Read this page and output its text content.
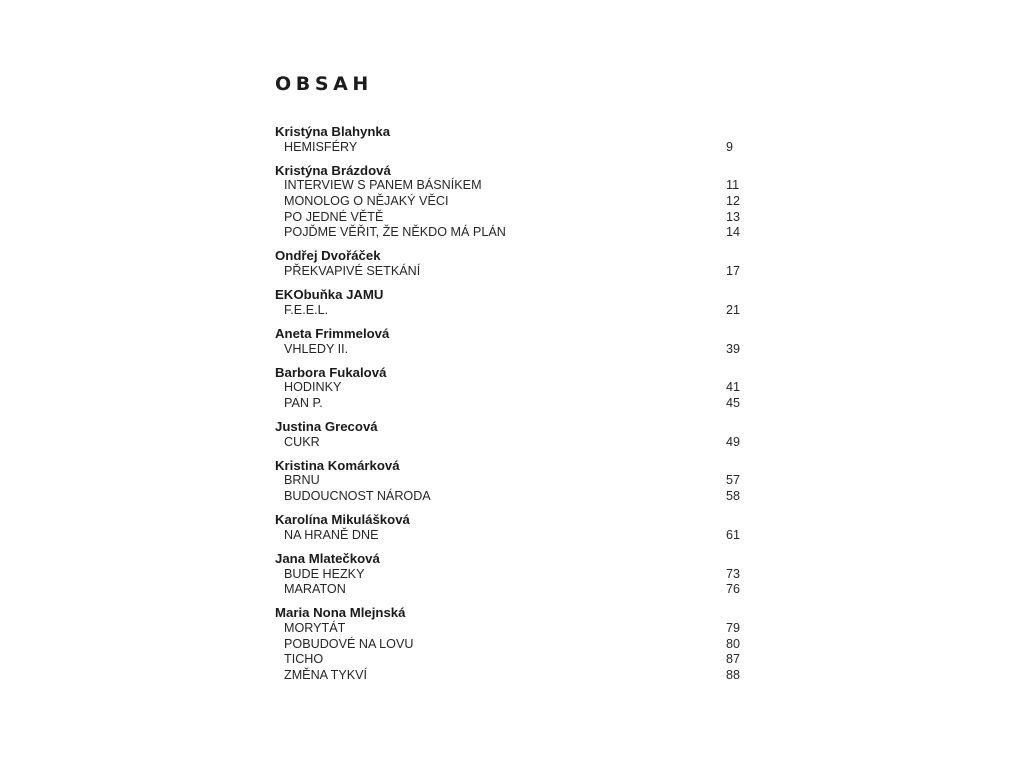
OBSAH
Kristýna Blahynka
HEMISFÉRY	9
Kristýna Brázdová
INTERVIEW S PANEM BÁSNÍKEM	11
MONOLOG O NĚJAKÝ VĚCI	12
PO JEDNÉ VĚTĚ	13
POJĎME VĚŘIT, ŽE NĚKDO MÁ PLÁN	14
Ondřej Dvořáček
PŘEKVAPIVÉ SETKÁNÍ	17
EKObuňka JAMU
F.E.E.L.	21
Aneta Frimmelová
VHLEDY II.	39
Barbora Fukalová
HODINKY	41
PAN P.	45
Justina Grecová
CUKR	49
Kristina Komárková
BRNU	57
BUDOUCNOST NÁRODA	58
Karolína Mikulášková
NA HRANĚ DNE	61
Jana Mlatečková
BUDE HEZKY	73
MARATON	76
Maria Nona Mlejnská
MORYTÁT	79
POBUDOVÉ NA LOVU	80
TICHO	87
ZMĚNA TYKVÍ	88
